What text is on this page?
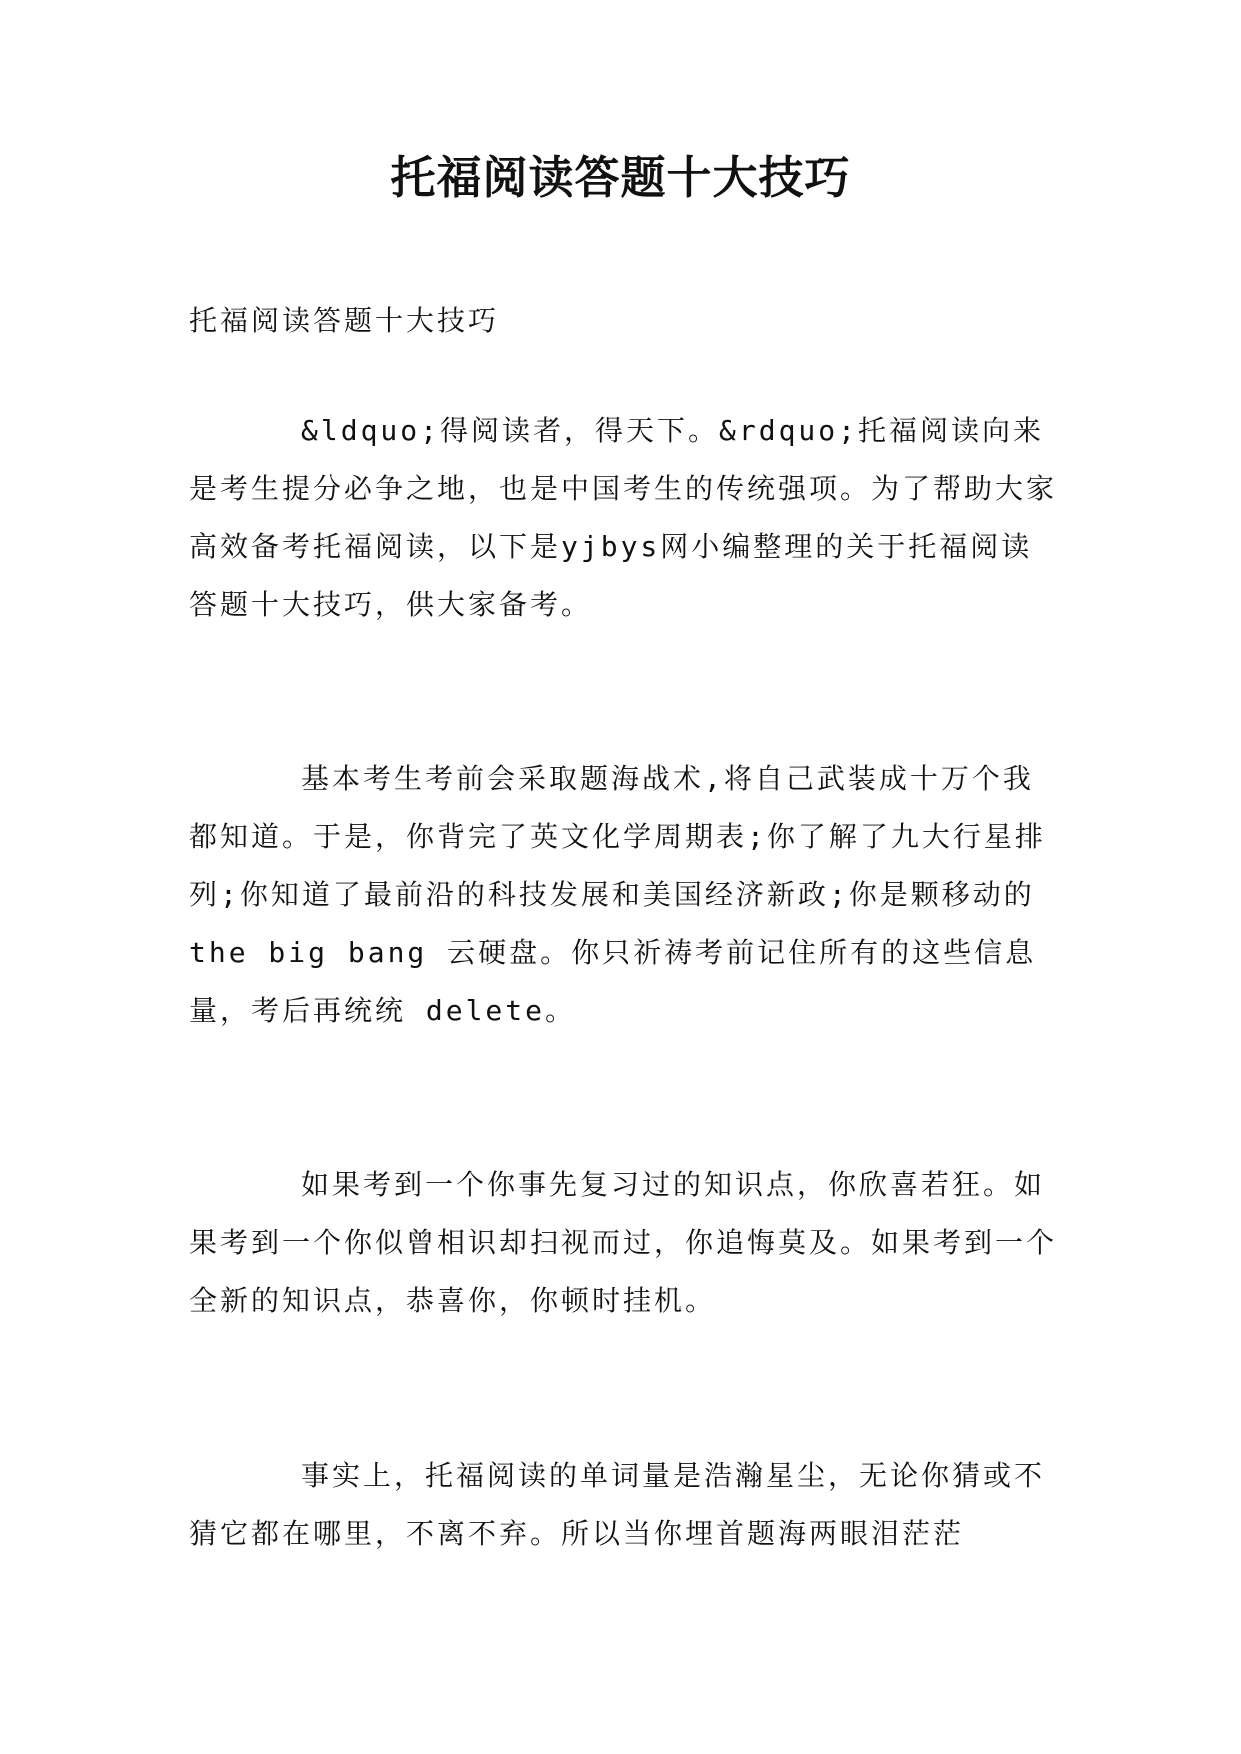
托福阅读答题十大技巧

托福阅读答题十大技巧

&ldquo;得阅读者，得天下。&rdquo;托福阅读向来是考生提分必争之地，也是中国考生的传统强项。为了帮助大家高效备考托福阅读，以下是yjbys网小编整理的关于托福阅读答题十大技巧，供大家备考。

基本考生考前会采取题海战术,将自己武装成十万个我都知道。于是，你背完了英文化学周期表;你了解了九大行星排列;你知道了最前沿的科技发展和美国经济新政;你是颗移动的 the big bang 云硬盘。你只祈祷考前记住所有的这些信息量，考后再统统 delete。

如果考到一个你事先复习过的知识点，你欣喜若狂。如果考到一个你似曾相识却扫视而过，你追悔莫及。如果考到一个全新的知识点，恭喜你，你顿时挂机。

事实上，托福阅读的单词量是浩瀚星尘，无论你猜或不猜它都在哪里，不离不弃。所以当你埋首题海两眼泪茫茫
